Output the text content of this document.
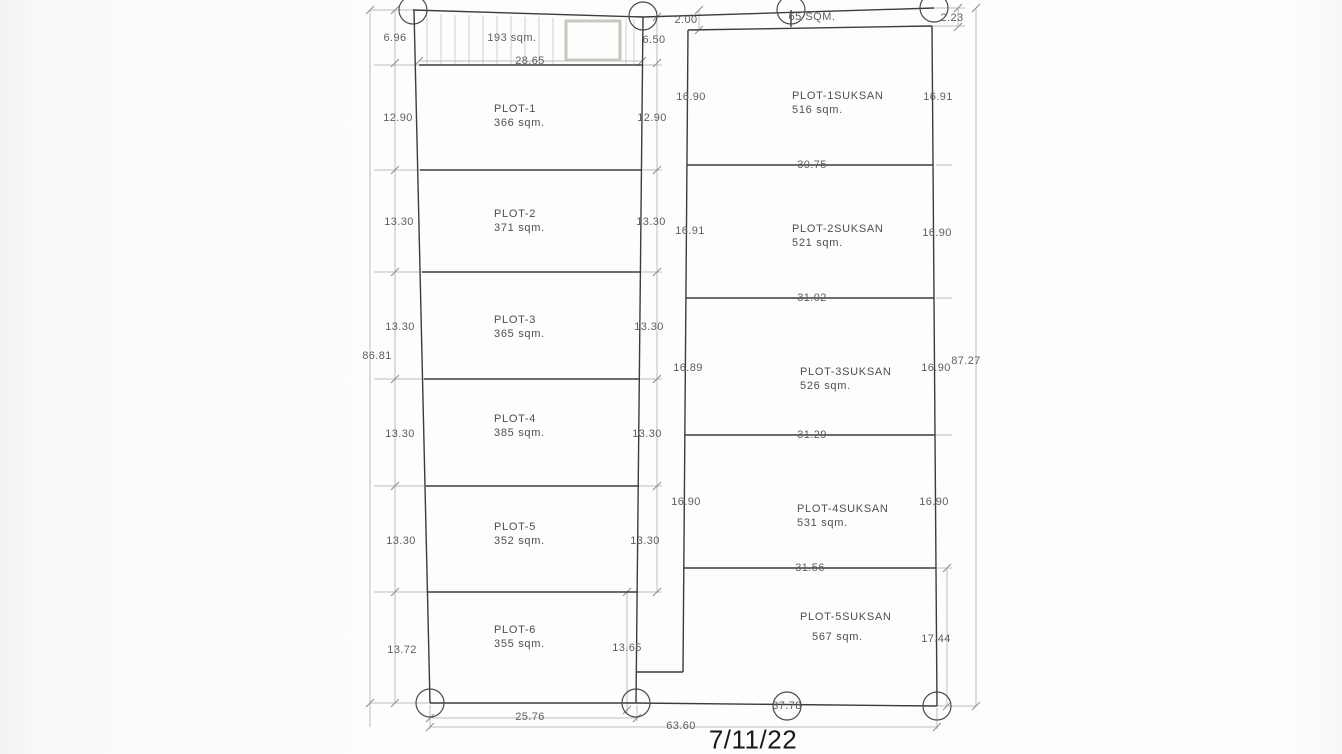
6.96
12.90
13.30
13.30
13.30
13.30
13.72
86.81
193 sqm.
28.65
PLOT-1
366 sqm.
PLOT-2
371 sqm.
PLOT-3
365 sqm.
PLOT-4
385 sqm.
PLOT-5
352 sqm.
PLOT-6
355 sqm.
6.50
12.90
13.30
13.30
13.30
13.30
13.65
2.00	65 SQM.	2.23
16.90
16.91
16.89
16.90
PLOT-1SUKSAN
516 sqm.
30.75
PLOT-2SUKSAN
521 sqm.
31.02
PLOT-3SUKSAN
526 sqm.
31.29
PLOT-4SUKSAN
531 sqm.
31.56
PLOT-5SUKSAN
567 sqm.
16.91
16.90
16.90
16.90
17.44
87.27
25.76
37.78
63.60 7/11/22
